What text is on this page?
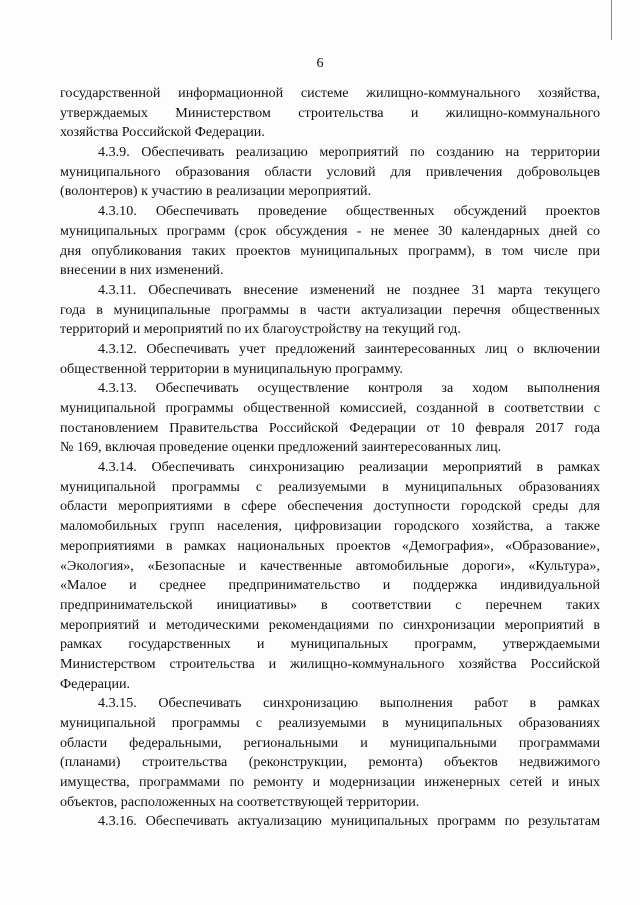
6
государственной информационной системе жилищно-коммунального хозяйства,
утверждаемых Министерством строительства и жилищно-коммунального
хозяйства Российской Федерации.
4.3.9. Обеспечивать реализацию мероприятий по созданию на территории
муниципального образования области условий для привлечения добровольцев
(волонтеров) к участию в реализации мероприятий.
4.3.10. Обеспечивать проведение общественных обсуждений проектов
муниципальных программ (срок обсуждения - не менее 30 календарных дней со
дня опубликования таких проектов муниципальных программ), в том числе при
внесении в них изменений.
4.3.11. Обеспечивать внесение изменений не позднее 31 марта текущего
года в муниципальные программы в части актуализации перечня общественных
территорий и мероприятий по их благоустройству на текущий год.
4.3.12. Обеспечивать учет предложений заинтересованных лиц о включении
общественной территории в муниципальную программу.
4.3.13. Обеспечивать осуществление контроля за ходом выполнения
муниципальной программы общественной комиссией, созданной в соответствии с
постановлением Правительства Российской Федерации от 10 февраля 2017 года
№ 169, включая проведение оценки предложений заинтересованных лиц.
4.3.14. Обеспечивать синхронизацию реализации мероприятий в рамках
муниципальной программы с реализуемыми в муниципальных образованиях
области мероприятиями в сфере обеспечения доступности городской среды для
маломобильных групп населения, цифровизации городского хозяйства, а также
мероприятиями в рамках национальных проектов «Демография», «Образование»,
«Экология», «Безопасные и качественные автомобильные дороги», «Культура»,
«Малое и среднее предпринимательство и поддержка индивидуальной
предпринимательской инициативы» в соответствии с перечнем таких
мероприятий и методическими рекомендациями по синхронизации мероприятий в
рамках государственных и муниципальных программ, утверждаемыми
Министерством строительства и жилищно-коммунального хозяйства Российской
Федерации.
4.3.15. Обеспечивать синхронизацию выполнения работ в рамках
муниципальной программы с реализуемыми в муниципальных образованиях
области федеральными, региональными и муниципальными программами
(планами) строительства (реконструкции, ремонта) объектов недвижимого
имущества, программами по ремонту и модернизации инженерных сетей и иных
объектов, расположенных на соответствующей территории.
4.3.16. Обеспечивать актуализацию муниципальных программ по результатам
